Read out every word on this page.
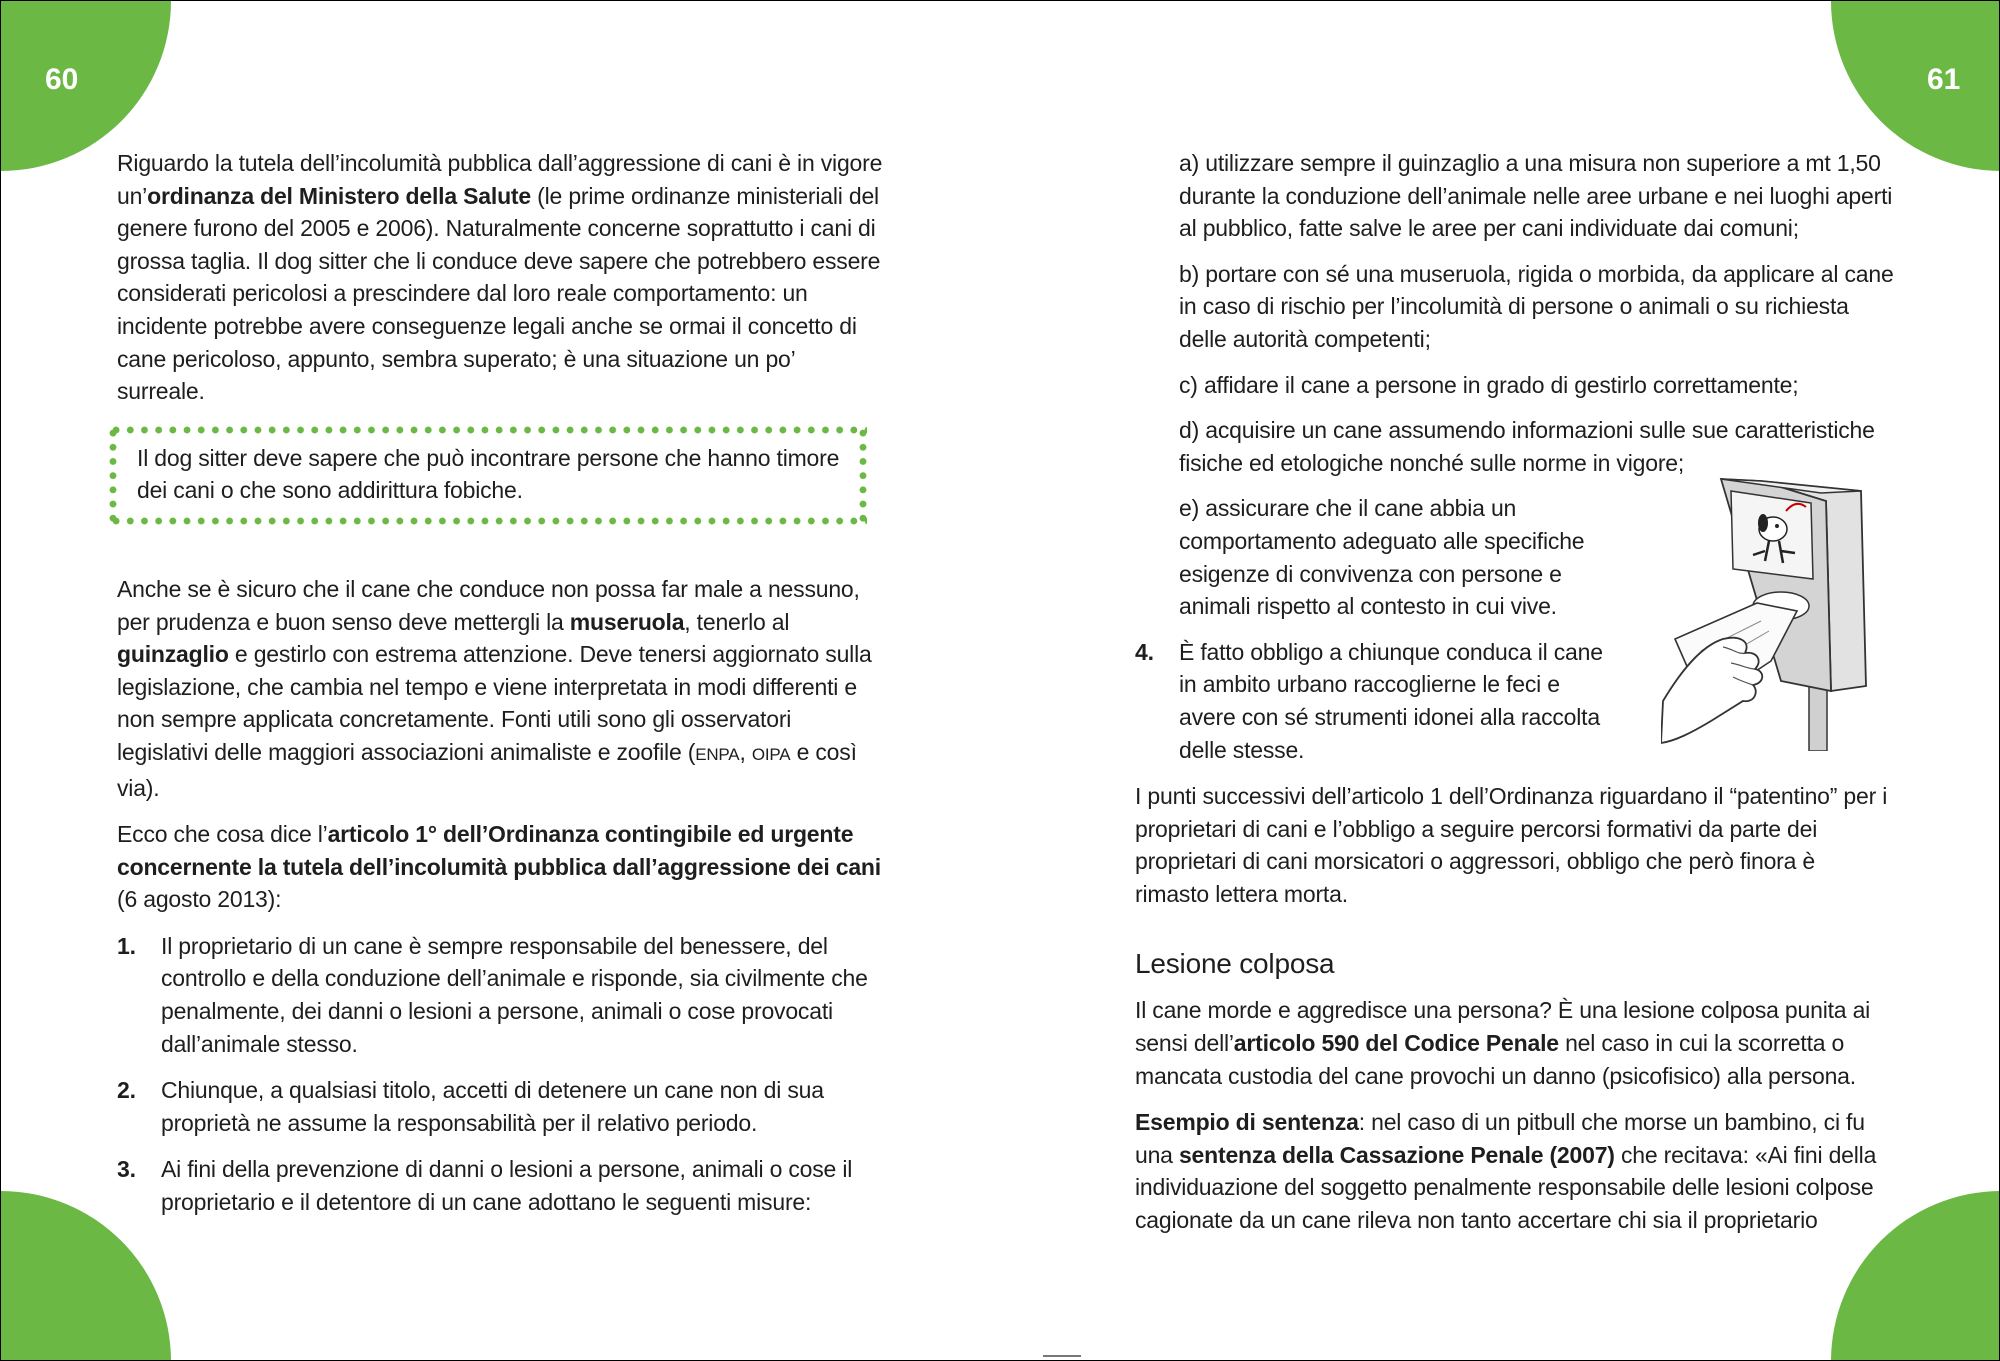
60	61

Riguardo la tutela dell’incolumità pubblica dall’aggressione di cani è in vigore un’ordinanza del Ministero della Salute (le prime ordinanze ministeriali del genere furono del 2005 e 2006). Naturalmente concerne soprattutto i cani di grossa taglia. Il dog sitter che li conduce deve sapere che potrebbero essere considerati pericolosi a prescindere dal loro reale comportamento: un incidente potrebbe avere conseguenze legali anche se ormai il concetto di cane pericoloso, appunto, sembra superato; è una situazione un po’ surreale.

Il dog sitter deve sapere che può incontrare persone che hanno timore dei cani o che sono addirittura fobiche.

Anche se è sicuro che il cane che conduce non possa far male a nessuno, per prudenza e buon senso deve mettergli la museruola, tenerlo al guinzaglio e gestirlo con estrema attenzione. Deve tenersi aggiornato sulla legislazione, che cambia nel tempo e viene interpretata in modi differenti e non sempre applicata concretamente. Fonti utili sono gli osservatori legislativi delle maggiori associazioni animaliste e zoofile (ENPA, OIPA e così via).

Ecco che cosa dice l’articolo 1° dell’Ordinanza contingibile ed urgente concernente la tutela dell’incolumità pubblica dall’aggressione dei cani (6 agosto 2013):

1. Il proprietario di un cane è sempre responsabile del benessere, del controllo e della conduzione dell’animale e risponde, sia civilmente che penalmente, dei danni o lesioni a persone, animali o cose provocati dall’animale stesso.
2. Chiunque, a qualsiasi titolo, accetti di detenere un cane non di sua proprietà ne assume la responsabilità per il relativo periodo.
3. Ai fini della prevenzione di danni o lesioni a persone, animali o cose il proprietario e il detentore di un cane adottano le seguenti misure:

a) utilizzare sempre il guinzaglio a una misura non superiore a mt 1,50 durante la conduzione dell’animale nelle aree urbane e nei luoghi aperti al pubblico, fatte salve le aree per cani individuate dai comuni;

b) portare con sé una museruola, rigida o morbida, da applicare al cane in caso di rischio per l’incolumità di persone o animali o su richiesta delle autorità competenti;

c) affidare il cane a persone in grado di gestirlo correttamente;

d) acquisire un cane assumendo informazioni sulle sue caratteristiche fisiche ed etologiche nonché sulle norme in vigore;

e) assicurare che il cane abbia un comportamento adeguato alle specifiche esigenze di convivenza con persone e animali rispetto al contesto in cui vive.

4. È fatto obbligo a chiunque conduca il cane in ambito urbano raccoglierne le feci e avere con sé strumenti idonei alla raccolta delle stesse.

I punti successivi dell’articolo 1 dell’Ordinanza riguardano il “patentino” per i proprietari di cani e l’obbligo a seguire percorsi formativi da parte dei proprietari di cani morsicatori o aggressori, obbligo che però finora è rimasto lettera morta.

Lesione colposa

Il cane morde e aggredisce una persona? È una lesione colposa punita ai sensi dell’articolo 590 del Codice Penale nel caso in cui la scorretta o mancata custodia del cane provochi un danno (psicofisico) alla persona.

Esempio di sentenza: nel caso di un pitbull che morse un bambino, ci fu una sentenza della Cassazione Penale (2007) che recitava: «Ai fini della individuazione del soggetto penalmente responsabile delle lesioni colpose cagionate da un cane rileva non tanto accertare chi sia il proprietario
